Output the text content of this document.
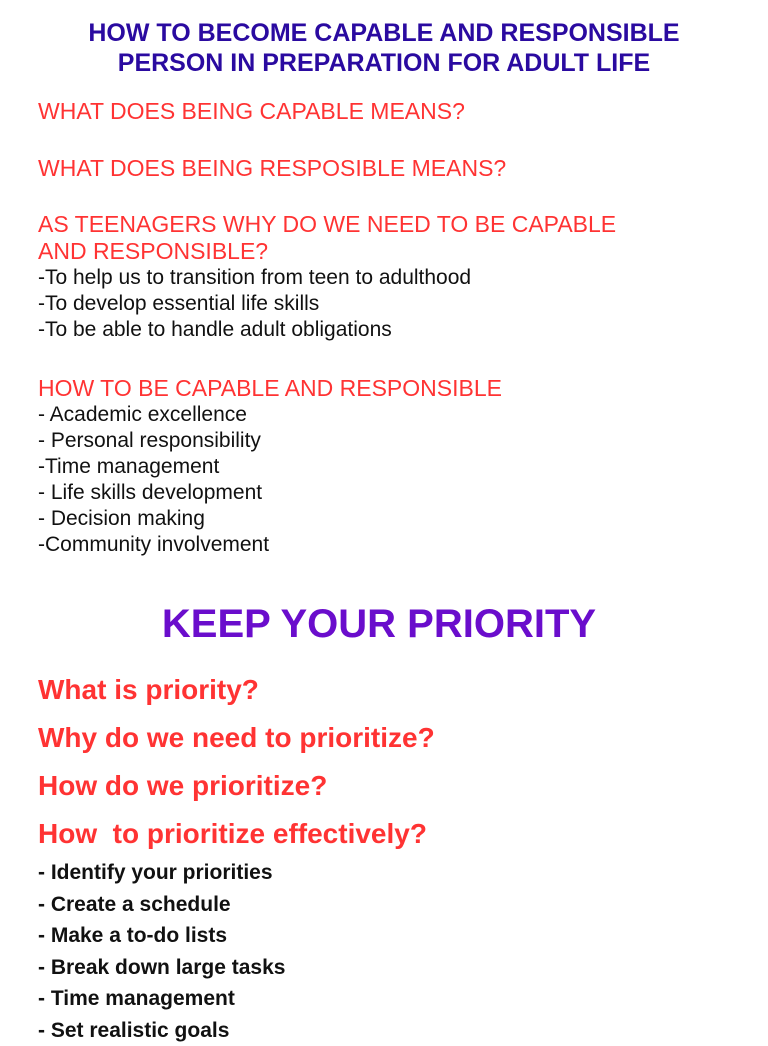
HOW TO BECOME CAPABLE AND RESPONSIBLE
PERSON IN PREPARATION FOR ADULT LIFE

WHAT DOES BEING CAPABLE MEANS?

WHAT DOES BEING RESPOSIBLE MEANS?

AS TEENAGERS WHY DO WE NEED TO BE CAPABLE

AND RESPONSIBLE?

-To help us to transition from teen to adulthood

-To develop essential life skills

-To be able to handle adult obligations

HOW TO BE CAPABLE AND RESPONSIBLE

- Academic excellence

- Personal responsibility

-Time management

- Life skills development

- Decision making

-Community involvement

KEEP YOUR PRIORITY

What is priority?

Why do we need to prioritize?

How do we prioritize?

How  to prioritize effectively?

- Identify your priorities

- Create a schedule

- Make a to-do lists

- Break down large tasks

- Time management

- Set realistic goals
